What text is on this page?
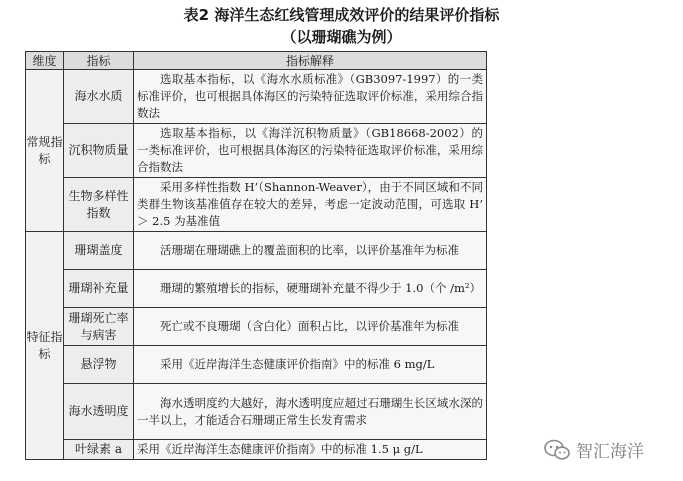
表2 海洋生态红线管理成效评价的结果评价指标
（以珊瑚礁为例）
维度	指标	指标解释
常规指标	海水水质	选取基本指标，以《海水水质标准》（GB3097-1997）的一类标准评价，也可根据具体海区的污染特征选取评价标准，采用综合指数法

	沉积物质量	选取基本指标，以《海洋沉积物质量》（GB18668-2002）的一类标准评价，也可根据具体海区的污染特征选取评价标准，采用综合指数法

	生物多样性指数	采用多样性指数 H’（Shannon-Weaver），由于不同区域和不同类群生物该基准值存在较大的差异，考虑一定波动范围，可选取 H’ ＞ 2.5 为基准值

特征指标	珊瑚盖度	活珊瑚在珊瑚礁上的覆盖面积的比率，以评价基准年为标准

	珊瑚补充量	珊瑚的繁殖增长的指标，硬珊瑚补充量不得少于 1.0（个 /m²）

	珊瑚死亡率与病害	死亡或不良珊瑚（含白化）面积占比，以评价基准年为标准

	悬浮物	采用《近岸海洋生态健康评价指南》中的标准 6 mg/L

	海水透明度	海水透明度约大越好，海水透明度应超过石珊瑚生长区域水深的一半以上，才能适合石珊瑚正常生长发育需求

	叶绿素 a	采用《近岸海洋生态健康评价指南》中的标准 1.5 μ g/L	智汇海洋
